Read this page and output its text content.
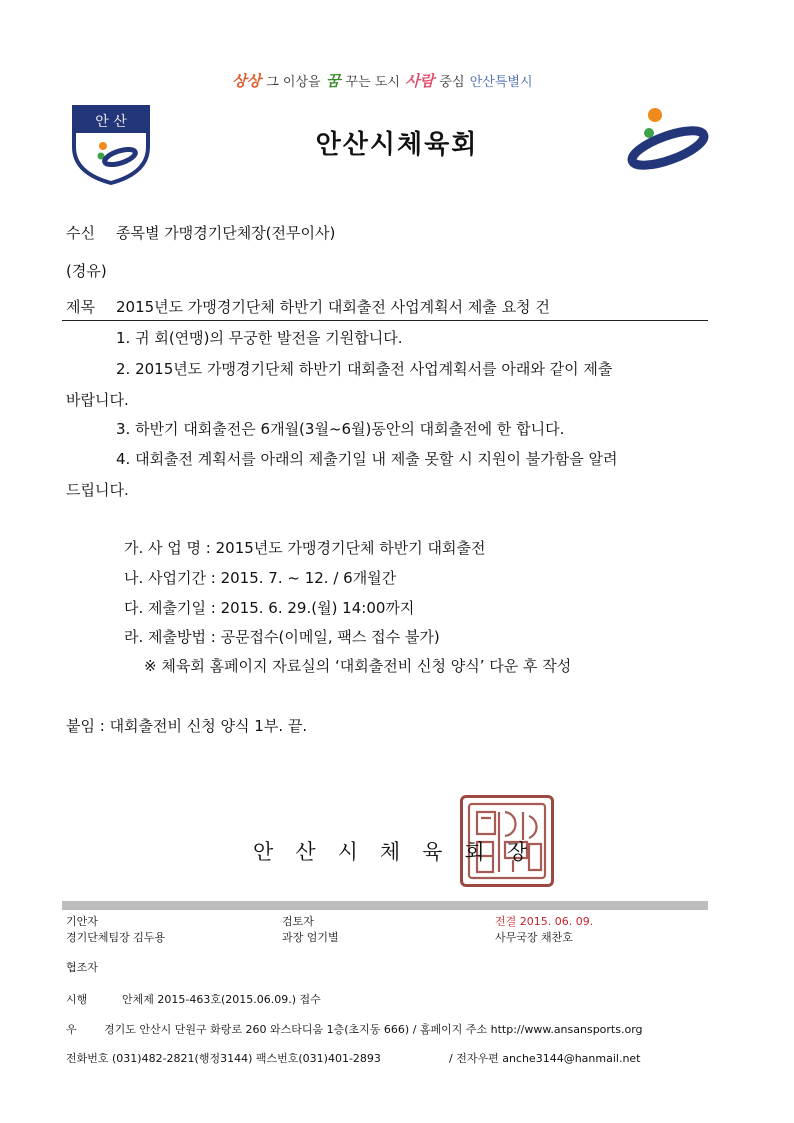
상상 그 이상을 꿈 꾸는 도시 사람 중심 안산특별시
안 산
안산시체육회
수신 종목별 가맹경기단체장(전무이사)
(경유)
제목 2015년도 가맹경기단체 하반기 대회출전 사업계획서 제출 요청 건
1. 귀 회(연맹)의 무궁한 발전을 기원합니다.
2. 2015년도 가맹경기단체 하반기 대회출전 사업계획서를 아래와 같이 제출
바랍니다.
3. 하반기 대회출전은 6개월(3월~6월)동안의 대회출전에 한 합니다.
4. 대회출전 계획서를 아래의 제출기일 내 제출 못할 시 지원이 불가함을 알려
드립니다.
가. 사 업 명 : 2015년도 가맹경기단체 하반기 대회출전
나. 사업기간 : 2015. 7. ~ 12. / 6개월간
다. 제출기일 : 2015. 6. 29.(월) 14:00까지
라. 제출방법 : 공문접수(이메일, 팩스 접수 불가)
※ 체육회 홈페이지 자료실의 ‘대회출전비 신청 양식’ 다운 후 작성
붙임 : 대회출전비 신청 양식 1부. 끝.
안산시체육회장
기안자
경기단체팀장 김두용
검토자
과장 엄기별
전결 2015. 06. 09.
사무국장 채찬호
협조자
시행	안체제 2015-463호(2015.06.09.) 접수
우 경기도 안산시 단원구 화랑로 260 와스타디움 1층(초지동 666) / 홈페이지 주소 http://www.ansansports.org
전화번호 (031)482-2821(행정3144) 팩스번호(031)401-2893	/ 전자우편 anche3144@hanmail.net
